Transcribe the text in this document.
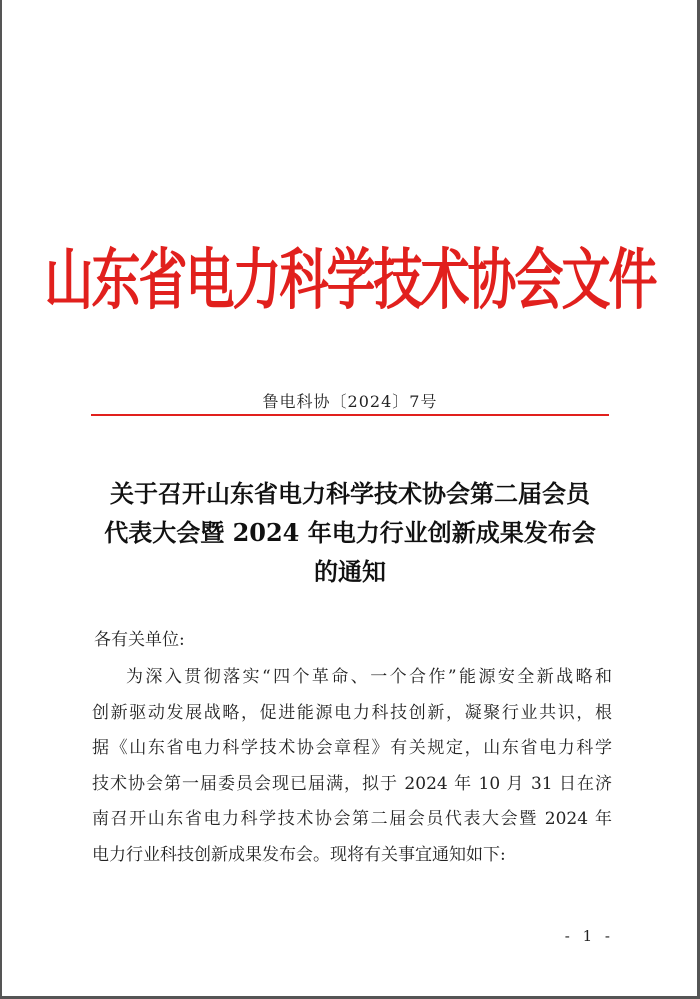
山东省电力科学技术协会文件
鲁电科协〔2024〕7号
关于召开山东省电力科学技术协会第二届会员
代表大会暨 2024 年电力行业创新成果发布会
的通知
各有关单位:
为深入贯彻落实“四个革命、一个合作”能源安全新战略和
创新驱动发展战略，促进能源电力科技创新，凝聚行业共识，根
据《山东省电力科学技术协会章程》有关规定，山东省电力科学
技术协会第一届委员会现已届满，拟于 2024 年 10 月 31 日在济
南召开山东省电力科学技术协会第二届会员代表大会暨 2024 年
电力行业科技创新成果发布会。现将有关事宜通知如下:
- 1 -
